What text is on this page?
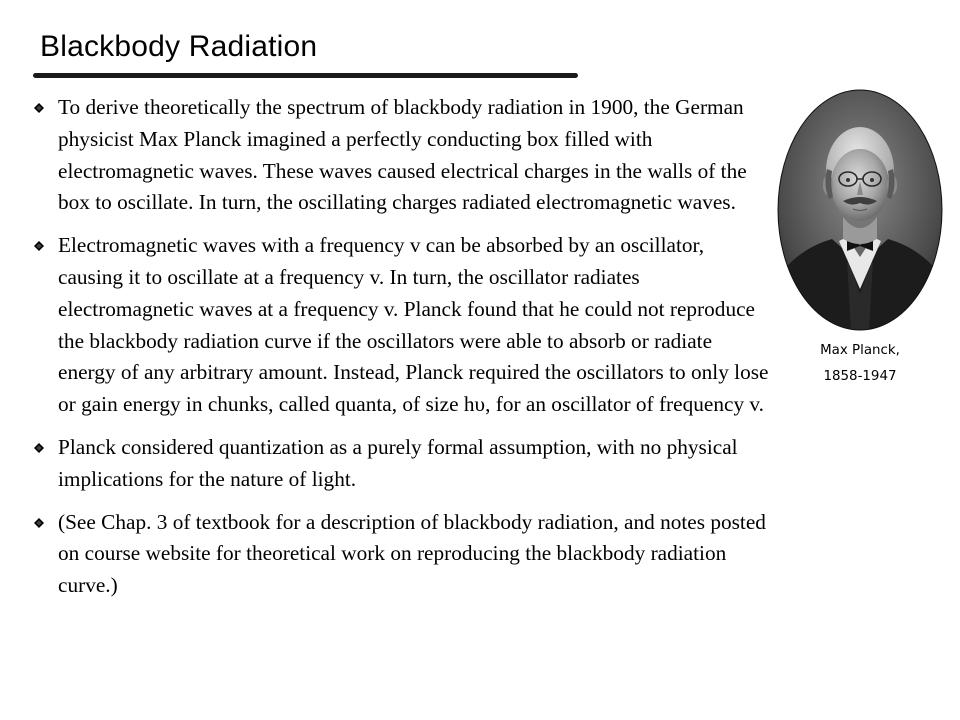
Blackbody Radiation
To derive theoretically the spectrum of blackbody radiation in 1900, the German physicist Max Planck imagined a perfectly conducting box filled with electromagnetic waves. These waves caused electrical charges in the walls of the box to oscillate. In turn, the oscillating charges radiated electromagnetic waves.
Electromagnetic waves with a frequency v can be absorbed by an oscillator, causing it to oscillate at a frequency v. In turn, the oscillator radiates electromagnetic waves at a frequency v. Planck found that he could not reproduce the blackbody radiation curve if the oscillators were able to absorb or radiate energy of any arbitrary amount. Instead, Planck required the oscillators to only lose or gain energy in chunks, called quanta, of size hυ, for an oscillator of frequency v.
Planck considered quantization as a purely formal assumption, with no physical implications for the nature of light.
(See Chap. 3 of textbook for a description of blackbody radiation, and notes posted on course website for theoretical work on reproducing the blackbody radiation curve.)
Max Planck,
1858-1947
